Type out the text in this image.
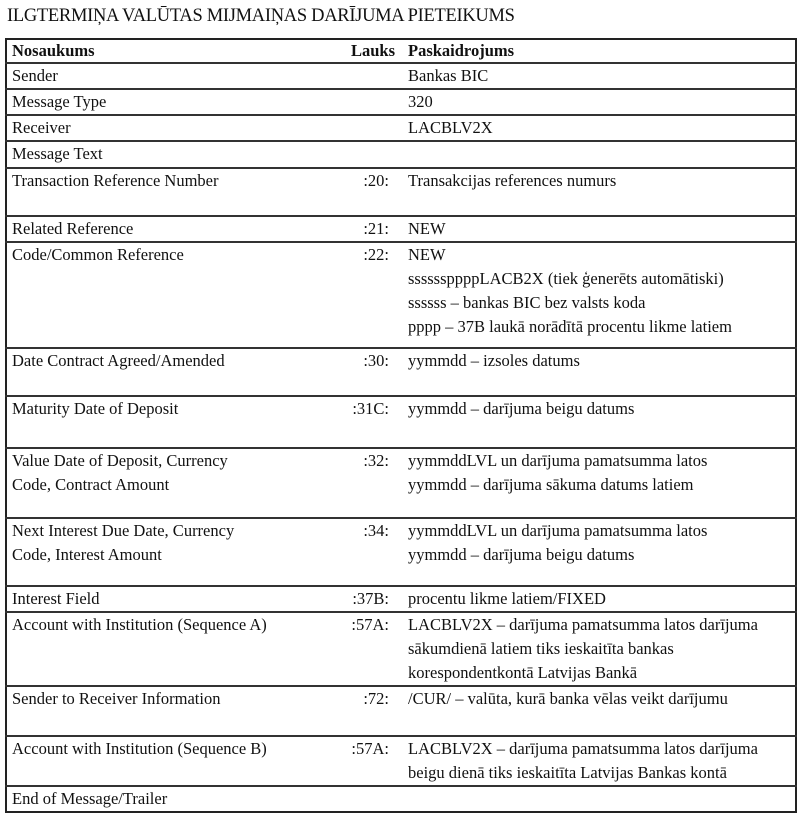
ILGTERMIŅA VALŪTAS MIJMAIŅAS DARĪJUMA PIETEIKUMS
Nosaukums	Lauks	Paskaidrojums
Sender		Bankas BIC

Message Type		320

Receiver		LACBLV2X

Message Text		
Transaction Reference Number	:20:	Transakcijas references numurs

Related Reference	:21:	NEW

Code/Common Reference	:22:	NEW
ssssssppppLACB2X (tiek ģenerēts automātiski)
ssssss – bankas BIC bez valsts koda
pppp – 37B laukā norādītā procentu likme latiem

Date Contract Agreed/Amended	:30:	yymmdd – izsoles datums

Maturity Date of Deposit	:31C:	yymmdd – darījuma beigu datums

Value Date of Deposit, Currency Code, Contract Amount	:32:	yymmddLVL un darījuma pamatsumma latos
yymmdd – darījuma sākuma datums latiem

Next Interest Due Date, Currency Code, Interest Amount	:34:	yymmddLVL un darījuma pamatsumma latos
yymmdd – darījuma beigu datums

Interest Field	:37B:	procentu likme latiem/FIXED

Account with Institution (Sequence A)	:57A:	LACBLV2X – darījuma pamatsumma latos darījuma sākumdienā latiem tiks ieskaitīta bankas korespondentkontā Latvijas Bankā

Sender to Receiver Information	:72:	/CUR/ – valūta, kurā banka vēlas veikt darījumu

Account with Institution (Sequence B)	:57A:	LACBLV2X – darījuma pamatsumma latos darījuma beigu dienā tiks ieskaitīta Latvijas Bankas kontā

End of Message/Trailer		
